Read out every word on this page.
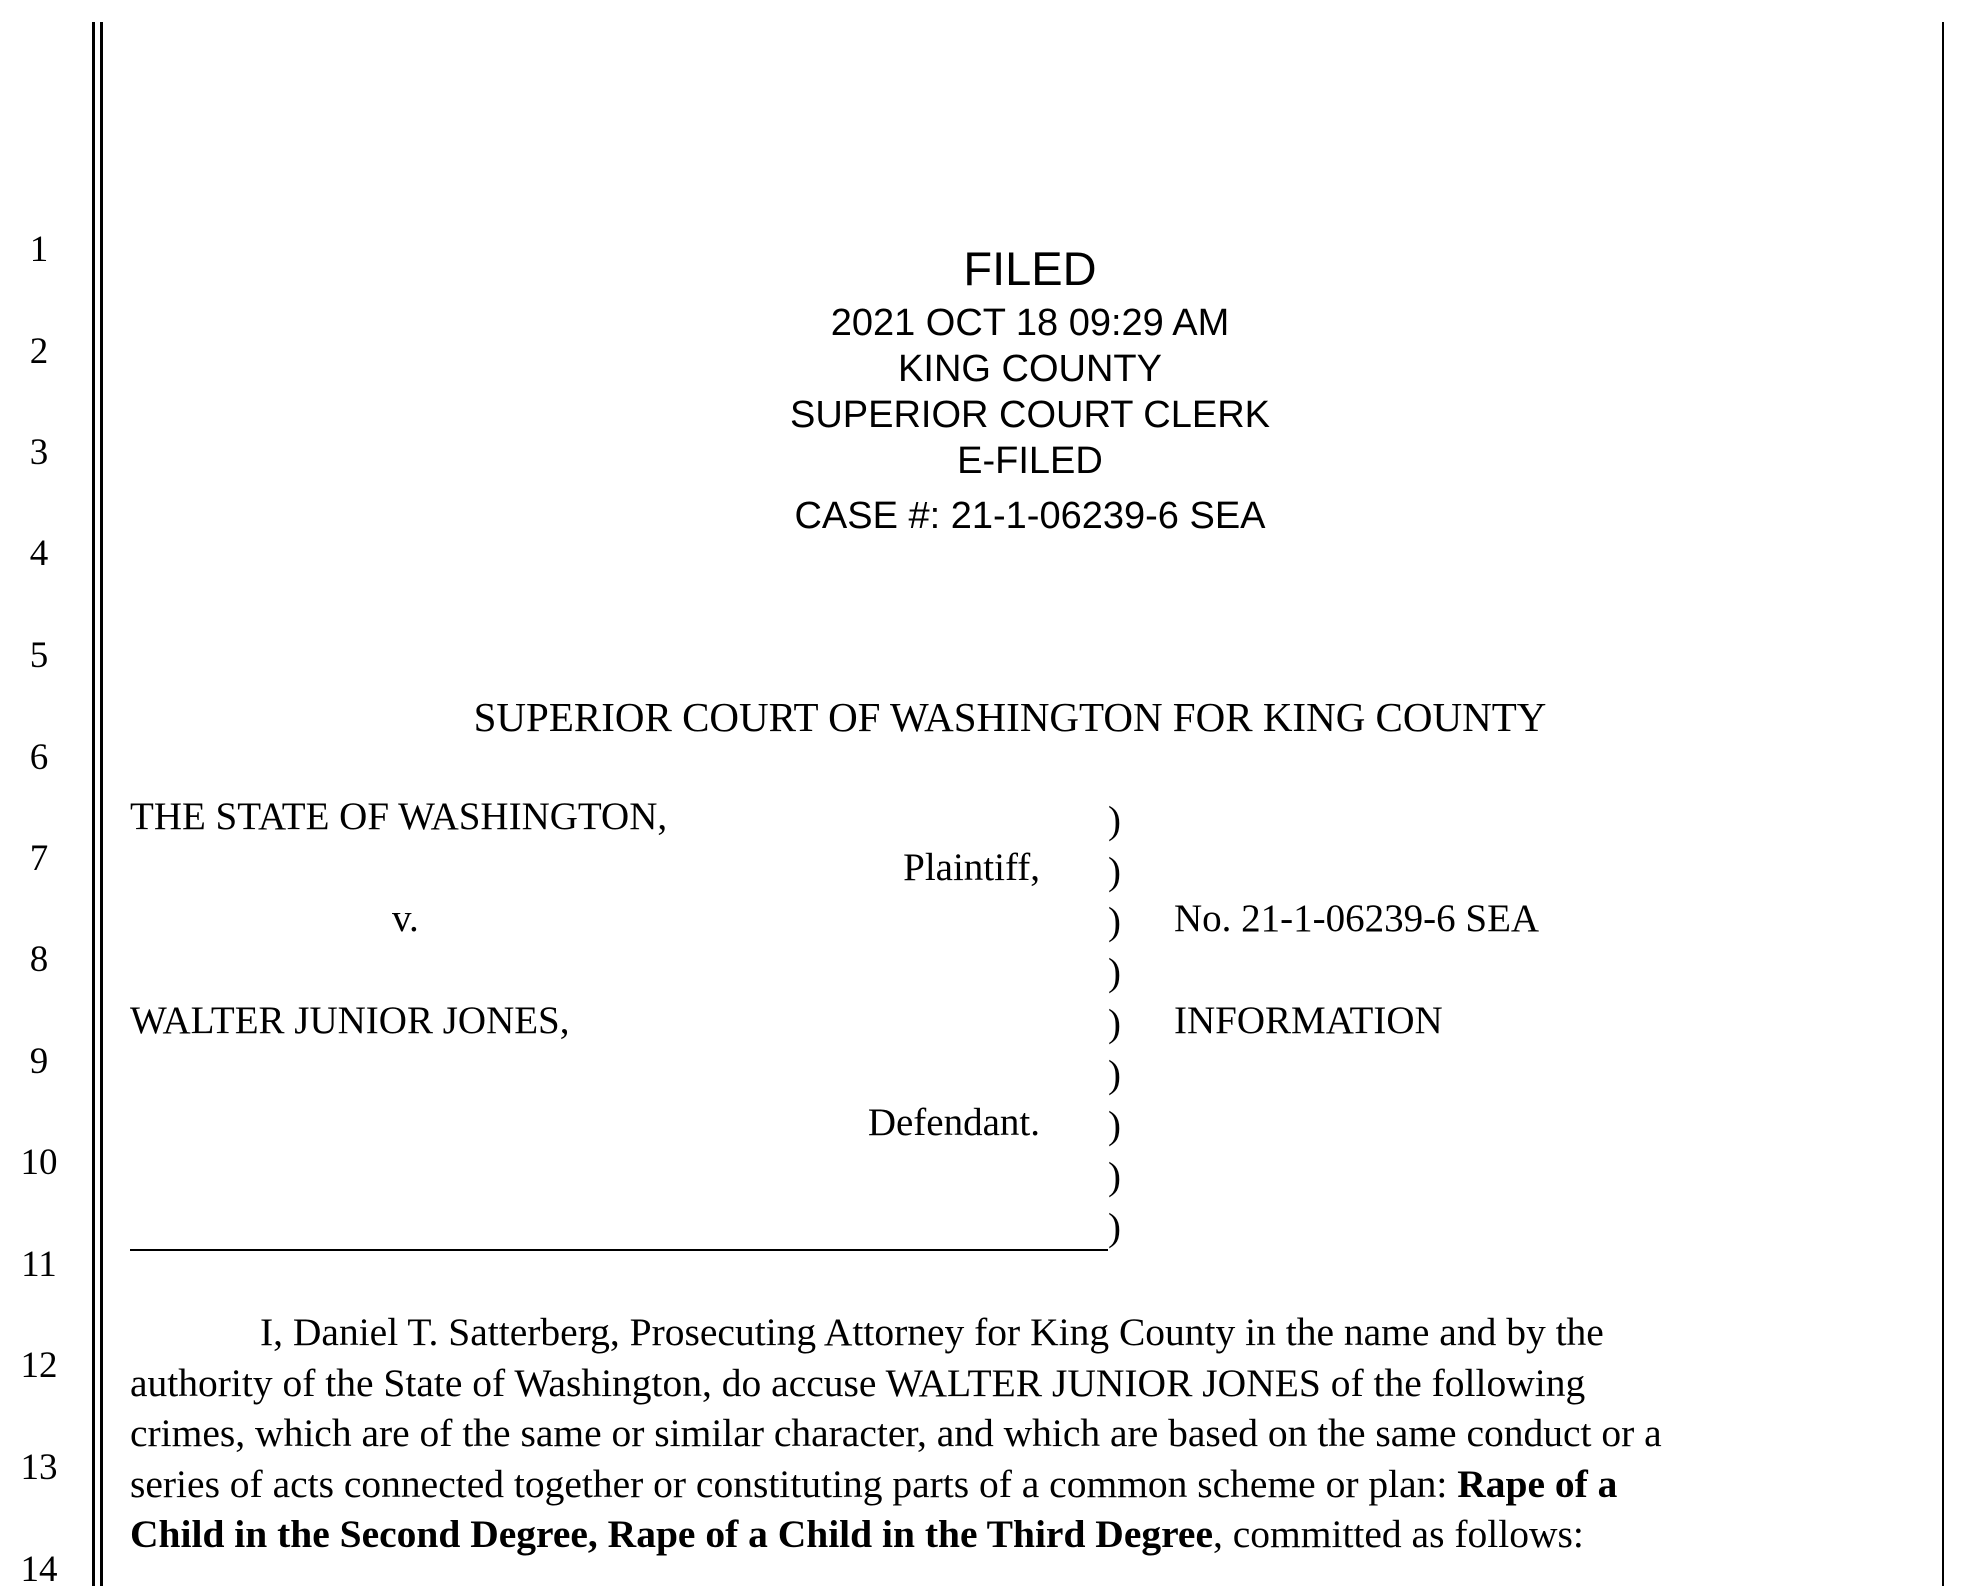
1
2
3
4
5
6
7
8
9
10
11
12
13
14
FILED
2021 OCT 18 09:29 AM
KING COUNTY
SUPERIOR COURT CLERK
E-FILED
CASE #: 21-1-06239-6 SEA
SUPERIOR COURT OF WASHINGTON FOR KING COUNTY
THE STATE OF WASHINGTON,
Plaintiff,
v.
WALTER JUNIOR JONES,
Defendant.
)
)
)
)
)
)
)
)
)
No. 21-1-06239-6 SEA
INFORMATION

I, Daniel T. Satterberg, Prosecuting Attorney for King County in the name and by the

authority of the State of Washington, do accuse WALTER JUNIOR JONES of the following

crimes, which are of the same or similar character, and which are based on the same conduct or a

series of acts connected together or constituting parts of a common scheme or plan: Rape of a

Child in the Second Degree, Rape of a Child in the Third Degree, committed as follows:
